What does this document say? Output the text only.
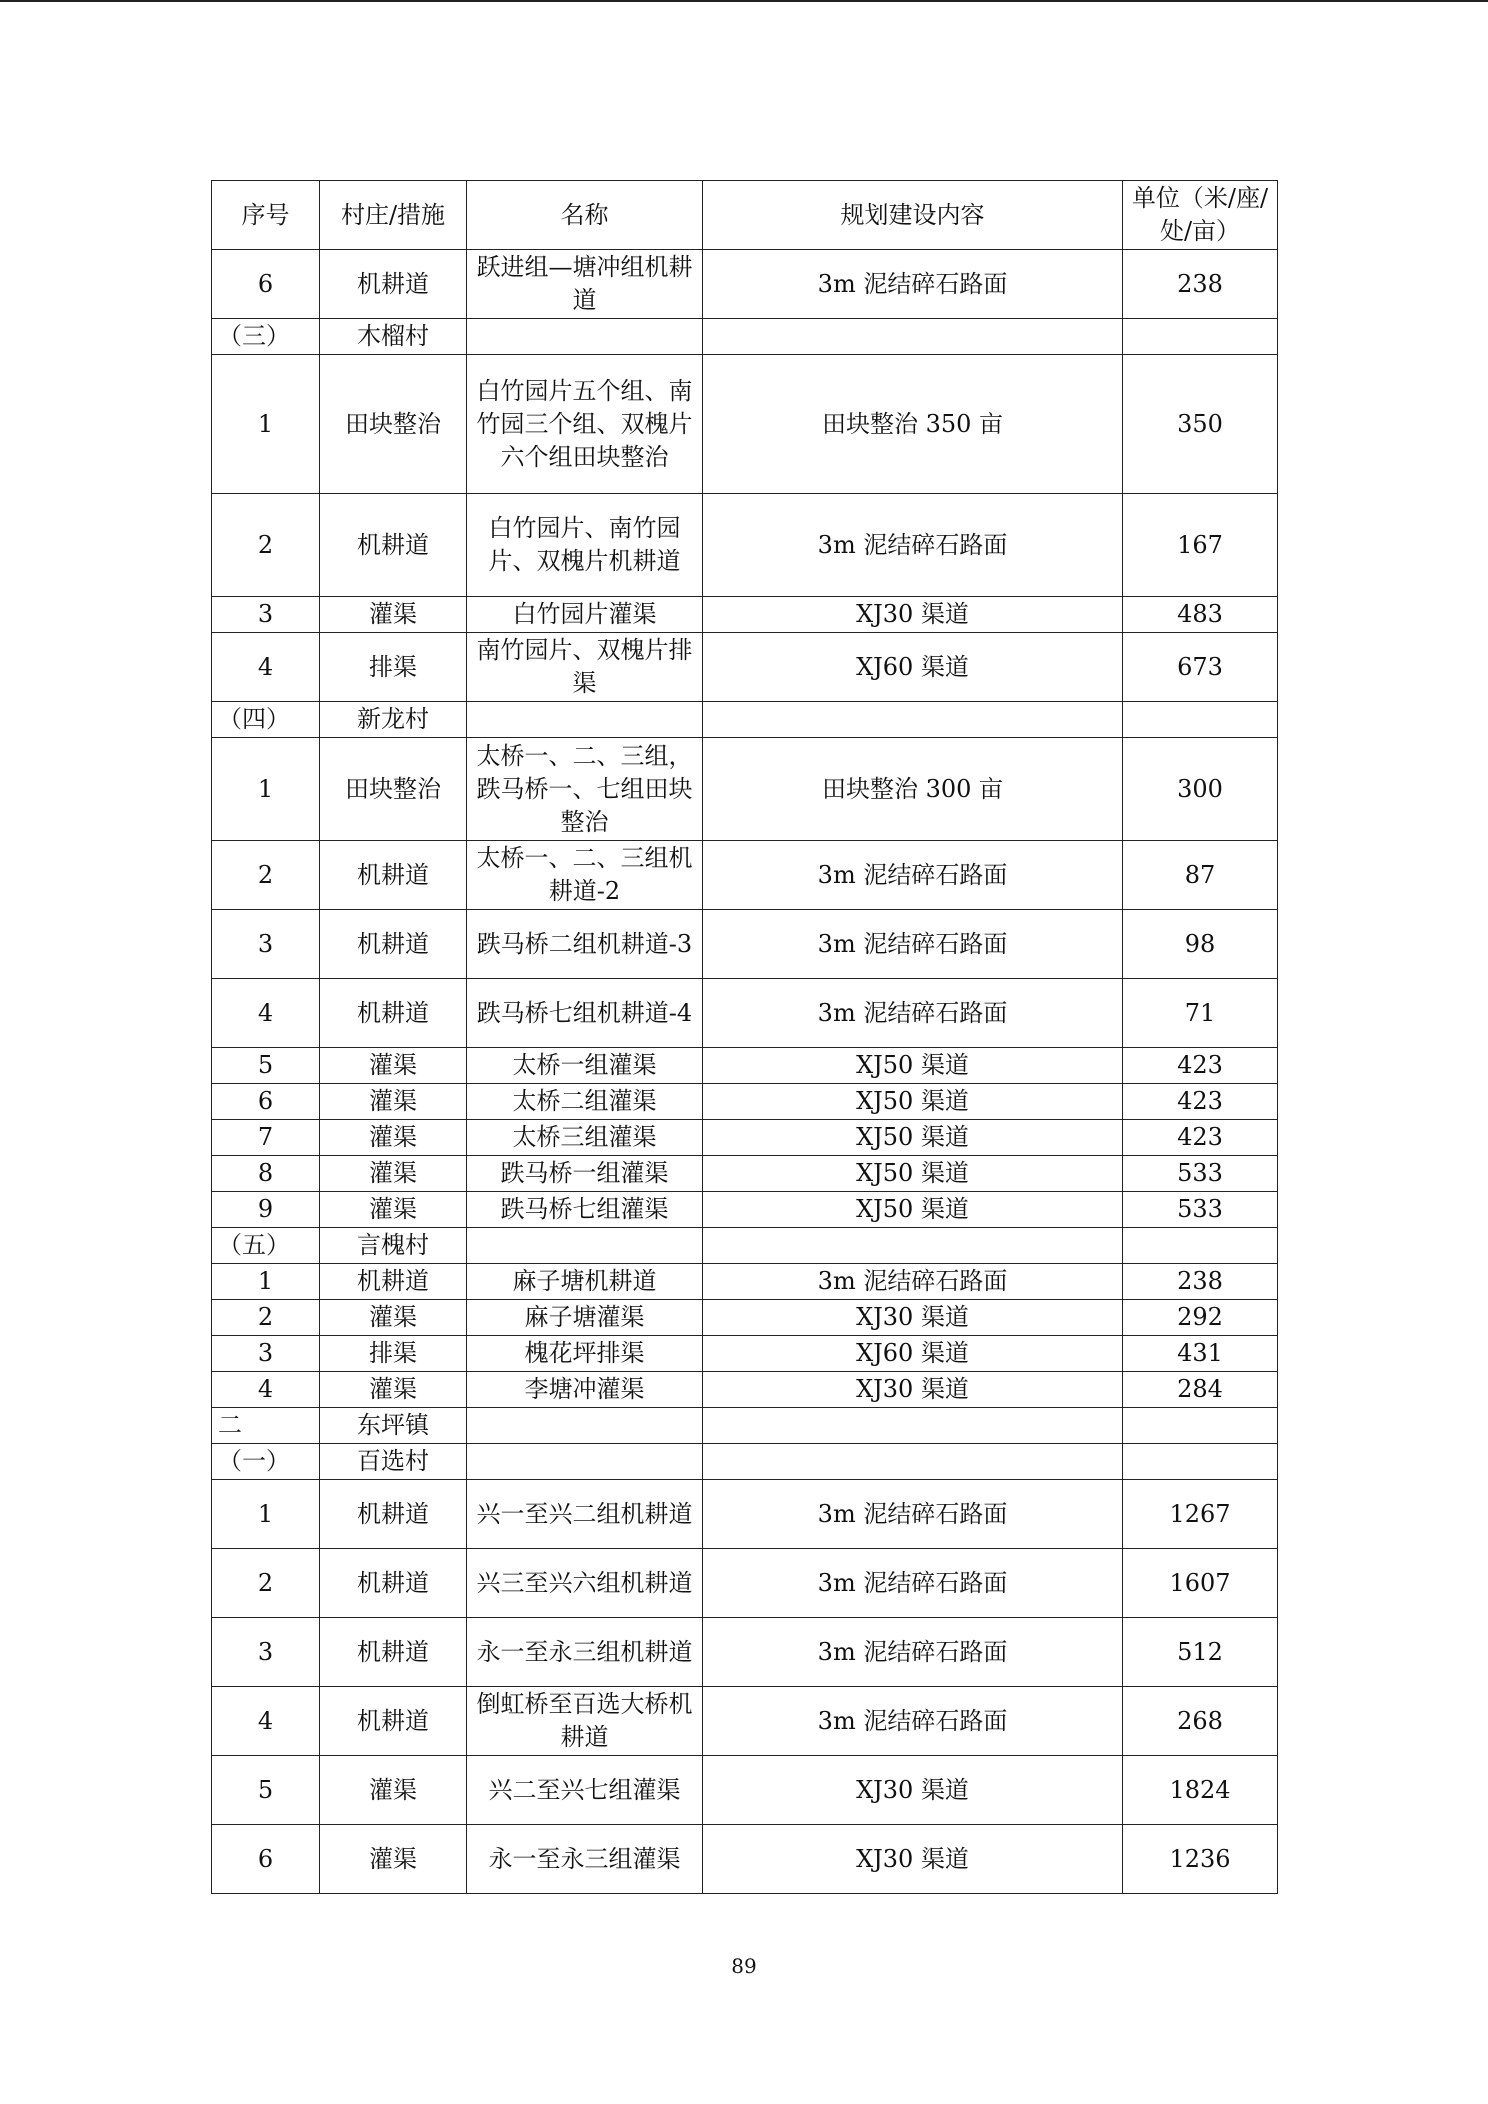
序号	村庄/措施	名称	规划建设内容	单位（米/座/处/亩）
6	机耕道	跃进组—塘冲组机耕道	3m 泥结碎石路面	238
（三）	木榴村			
1	田块整治	白竹园片五个组、南竹园三个组、双槐片六个组田块整治	田块整治 350 亩	350
2	机耕道	白竹园片、南竹园片、双槐片机耕道	3m 泥结碎石路面	167
3	灌渠	白竹园片灌渠	XJ30 渠道	483
4	排渠	南竹园片、双槐片排渠	XJ60 渠道	673
（四）	新龙村			
1	田块整治	太桥一、二、三组，跌马桥一、七组田块整治	田块整治 300 亩	300
2	机耕道	太桥一、二、三组机耕道-2	3m 泥结碎石路面	87
3	机耕道	跌马桥二组机耕道-3	3m 泥结碎石路面	98
4	机耕道	跌马桥七组机耕道-4	3m 泥结碎石路面	71
5	灌渠	太桥一组灌渠	XJ50 渠道	423
6	灌渠	太桥二组灌渠	XJ50 渠道	423
7	灌渠	太桥三组灌渠	XJ50 渠道	423
8	灌渠	跌马桥一组灌渠	XJ50 渠道	533
9	灌渠	跌马桥七组灌渠	XJ50 渠道	533
（五）	言槐村			
1	机耕道	麻子塘机耕道	3m 泥结碎石路面	238
2	灌渠	麻子塘灌渠	XJ30 渠道	292
3	排渠	槐花坪排渠	XJ60 渠道	431
4	灌渠	李塘冲灌渠	XJ30 渠道	284
二	东坪镇			
（一）	百选村			
1	机耕道	兴一至兴二组机耕道	3m 泥结碎石路面	1267
2	机耕道	兴三至兴六组机耕道	3m 泥结碎石路面	1607
3	机耕道	永一至永三组机耕道	3m 泥结碎石路面	512
4	机耕道	倒虹桥至百选大桥机耕道	3m 泥结碎石路面	268
5	灌渠	兴二至兴七组灌渠	XJ30 渠道	1824
6	灌渠	永一至永三组灌渠	XJ30 渠道	1236
89
